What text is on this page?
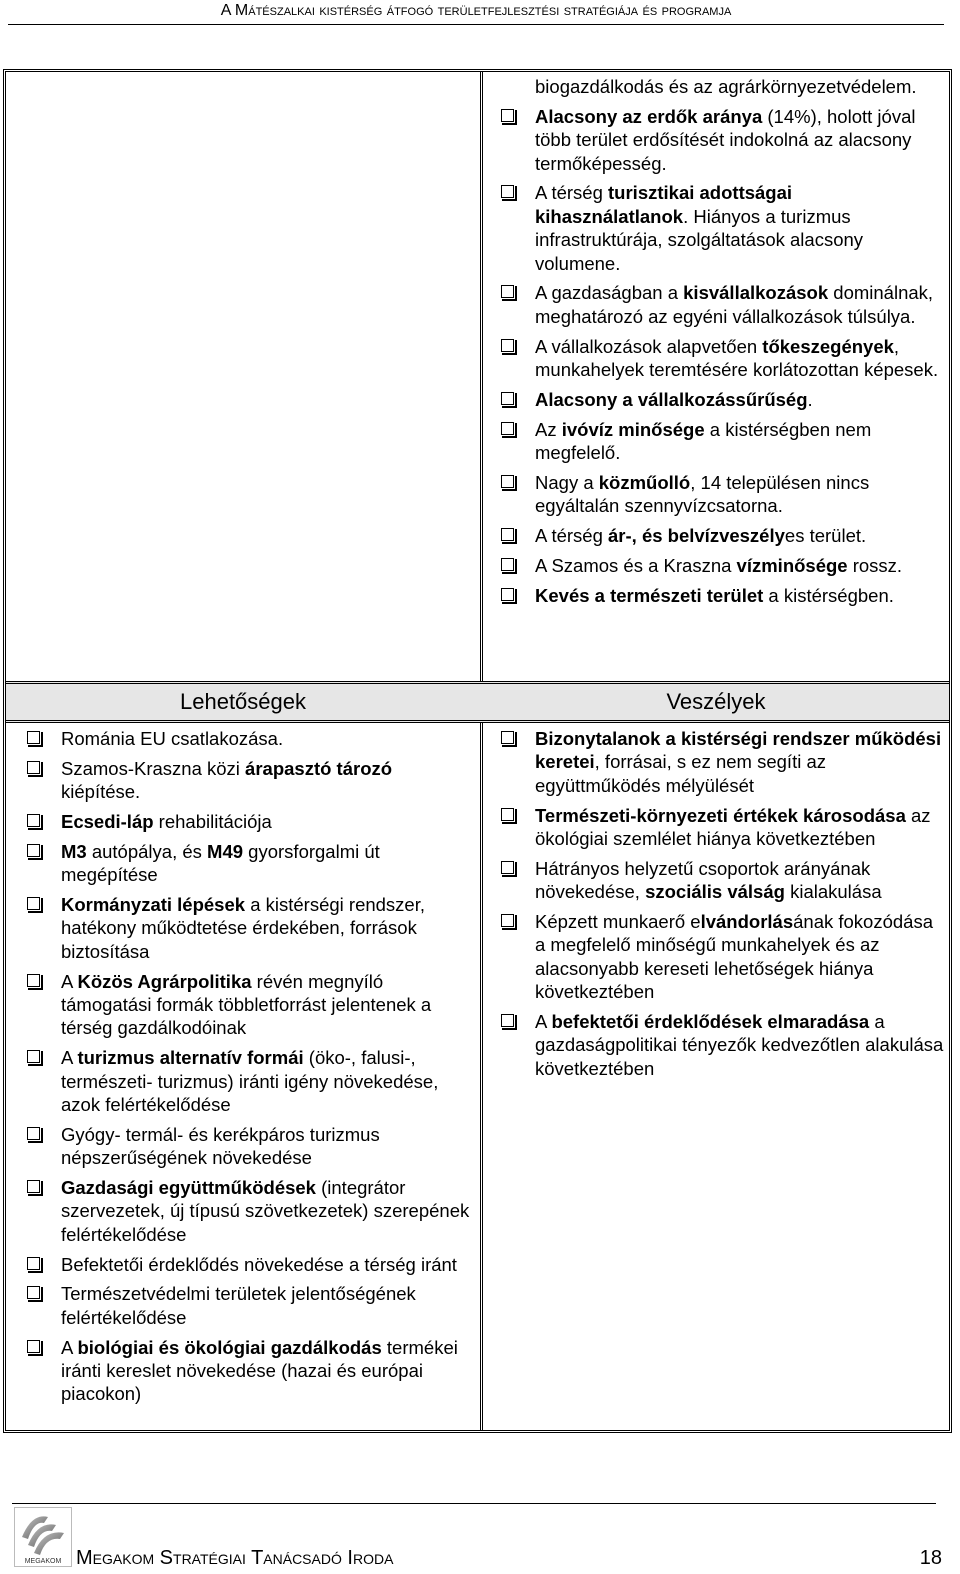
A Mátészalkai kistérség átfogó területfejlesztési stratégiája és programja
biogazdálkodás és az agrárkörnyezetvédelem.
Alacsony az erdők aránya (14%), holott jóval több terület erdősítését indokolná az alacsony termőképesség.
A térség turisztikai adottságai kihasználatlanok. Hiányos a turizmus infrastruktúrája, szolgáltatások alacsony volumene.
A gazdaságban a kisvállalkozások dominálnak, meghatározó az egyéni vállalkozások túlsúlya.
A vállalkozások alapvetően tőkeszegények, munkahelyek teremtésére korlátozottan képesek.
Alacsony a vállalkozássűrűség.
Az ivóvíz minősége a kistérségben nem megfelelő.
Nagy a közműolló, 14 településen nincs egyáltalán szennyvízcsatorna.
A térség ár-, és belvízveszélyes terület.
A Szamos és a Kraszna vízminősége rossz.
Kevés a természeti terület a kistérségben.
Lehetőségek	Veszélyek
Románia EU csatlakozása.
Szamos-Kraszna közi árapasztó tározó kiépítése.
Ecsedi-láp rehabilitációja
M3 autópálya, és M49 gyorsforgalmi út megépítése
Kormányzati lépések a kistérségi rendszer, hatékony működtetése érdekében, források biztosítása
A Közös Agrárpolitika révén megnyíló támogatási formák többletforrást jelentenek a térség gazdálkodóinak
A turizmus alternatív formái (öko-, falusi-, természeti- turizmus) iránti igény növekedése, azok felértékelődése
Gyógy- termál- és kerékpáros turizmus népszerűségének növekedése
Gazdasági együttműködések (integrátor szervezetek, új típusú szövetkezetek) szerepének felértékelődése
Befektetői érdeklődés növekedése a térség iránt
Természetvédelmi területek jelentőségének felértékelődése
A biológiai és ökológiai gazdálkodás termékei iránti kereslet növekedése (hazai és európai piacokon)
Bizonytalanok a kistérségi rendszer működési keretei, forrásai, s ez nem segíti az együttműködés mélyülését
Természeti-környezeti értékek károsodása az ökológiai szemlélet hiánya következtében
Hátrányos helyzetű csoportok arányának növekedése, szociális válság kialakulása
Képzett munkaerő elvándorlásának fokozódása a megfelelő minőségű munkahelyek és az alacsonyabb kereseti lehetőségek hiánya következtében
A befektetői érdeklődések elmaradása a gazdaságpolitikai tényezők kedvezőtlen alakulása következtében
MEGAKOM Megakom Stratégiai Tanácsadó Iroda	18
